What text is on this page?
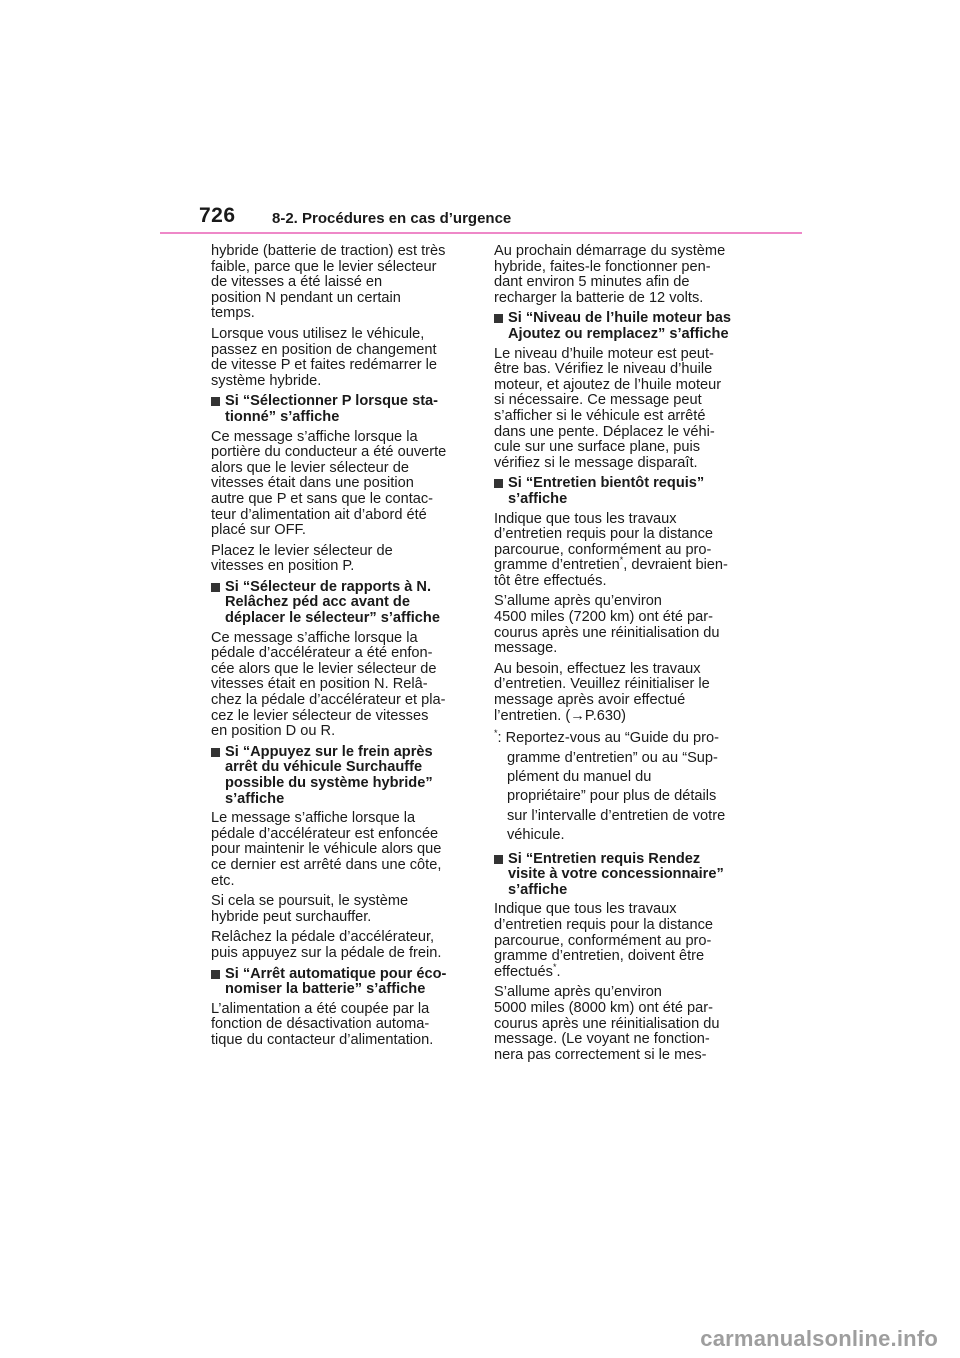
726 8-2. Procédures en cas d’urgence

hybride (batterie de traction) est très
faible, parce que le levier sélecteur
de vitesses a été laissé en
position N pendant un certain
temps.

Lorsque vous utilisez le véhicule,
passez en position de changement
de vitesse P et faites redémarrer le
système hybride.

Si “Sélectionner P lorsque sta-
tionné” s’affiche

Ce message s’affiche lorsque la
portière du conducteur a été ouverte
alors que le levier sélecteur de
vitesses était dans une position
autre que P et sans que le contac-
teur d’alimentation ait d’abord été
placé sur OFF.

Placez le levier sélecteur de
vitesses en position P.

Si “Sélecteur de rapports à N.
Relâchez péd acc avant de
déplacer le sélecteur” s’affiche

Ce message s’affiche lorsque la
pédale d’accélérateur a été enfon-
cée alors que le levier sélecteur de
vitesses était en position N. Relâ-
chez la pédale d’accélérateur et pla-
cez le levier sélecteur de vitesses
en position D ou R.

Si “Appuyez sur le frein après
arrêt du véhicule Surchauffe
possible du système hybride”
s’affiche

Le message s’affiche lorsque la
pédale d’accélérateur est enfoncée
pour maintenir le véhicule alors que
ce dernier est arrêté dans une côte,
etc.

Si cela se poursuit, le système
hybride peut surchauffer.

Relâchez la pédale d’accélérateur,
puis appuyez sur la pédale de frein.

Si “Arrêt automatique pour éco-
nomiser la batterie” s’affiche

L’alimentation a été coupée par la
fonction de désactivation automa-
tique du contacteur d’alimentation.

Au prochain démarrage du système
hybride, faites-le fonctionner pen-
dant environ 5 minutes afin de
recharger la batterie de 12 volts.

Si “Niveau de l’huile moteur bas
Ajoutez ou remplacez” s’affiche

Le niveau d’huile moteur est peut-
être bas. Vérifiez le niveau d’huile
moteur, et ajoutez de l’huile moteur
si nécessaire. Ce message peut
s’afficher si le véhicule est arrêté
dans une pente. Déplacez le véhi-
cule sur une surface plane, puis
vérifiez si le message disparaît.

Si “Entretien bientôt requis”
s’affiche

Indique que tous les travaux
d’entretien requis pour la distance
parcourue, conformément au pro-
gramme d’entretien*, devraient bien-
tôt être effectués.

S’allume après qu’environ
4500 miles (7200 km) ont été par-
courus après une réinitialisation du
message.

Au besoin, effectuez les travaux
d’entretien. Veuillez réinitialiser le
message après avoir effectué
l’entretien. (→P.630)

*: Reportez-vous au “Guide du pro-
gramme d’entretien” ou au “Sup-
plément du manuel du
propriétaire” pour plus de détails
sur l’intervalle d’entretien de votre
véhicule.
Si “Entretien requis Rendez
visite à votre concessionnaire”
s’affiche

Indique que tous les travaux
d’entretien requis pour la distance
parcourue, conformément au pro-
gramme d’entretien, doivent être
effectués*.

S’allume après qu’environ
5000 miles (8000 km) ont été par-
courus après une réinitialisation du
message. (Le voyant ne fonction-
nera pas correctement si le mes-

carmanualsonline.info
